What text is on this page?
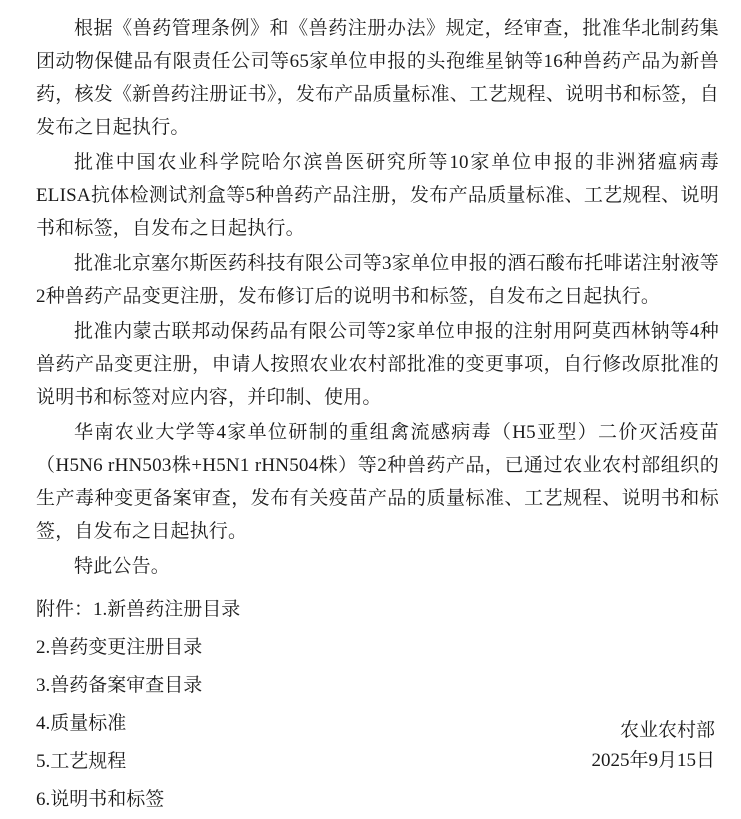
根据《兽药管理条例》和《兽药注册办法》规定，经审查，批准华北制药集团动物保健品有限责任公司等65家单位申报的头孢维星钠等16种兽药产品为新兽药，核发《新兽药注册证书》，发布产品质量标准、工艺规程、说明书和标签，自发布之日起执行。

批准中国农业科学院哈尔滨兽医研究所等10家单位申报的非洲猪瘟病毒ELISA抗体检测试剂盒等5种兽药产品注册，发布产品质量标准、工艺规程、说明书和标签，自发布之日起执行。

批准北京塞尔斯医药科技有限公司等3家单位申报的酒石酸布托啡诺注射液等2种兽药产品变更注册，发布修订后的说明书和标签，自发布之日起执行。

批准内蒙古联邦动保药品有限公司等2家单位申报的注射用阿莫西林钠等4种兽药产品变更注册，申请人按照农业农村部批准的变更事项，自行修改原批准的说明书和标签对应内容，并印制、使用。

华南农业大学等4家单位研制的重组禽流感病毒（H5亚型）二价灭活疫苗（H5N6 rHN503株+H5N1 rHN504株）等2种兽药产品，已通过农业农村部组织的生产毒种变更备案审查，发布有关疫苗产品的质量标准、工艺规程、说明书和标签，自发布之日起执行。

特此公告。

附件：1.新兽药注册目录

2.兽药变更注册目录

3.兽药备案审查目录

4.质量标准

5.工艺规程

6.说明书和标签

农业农村部
2025年9月15日
